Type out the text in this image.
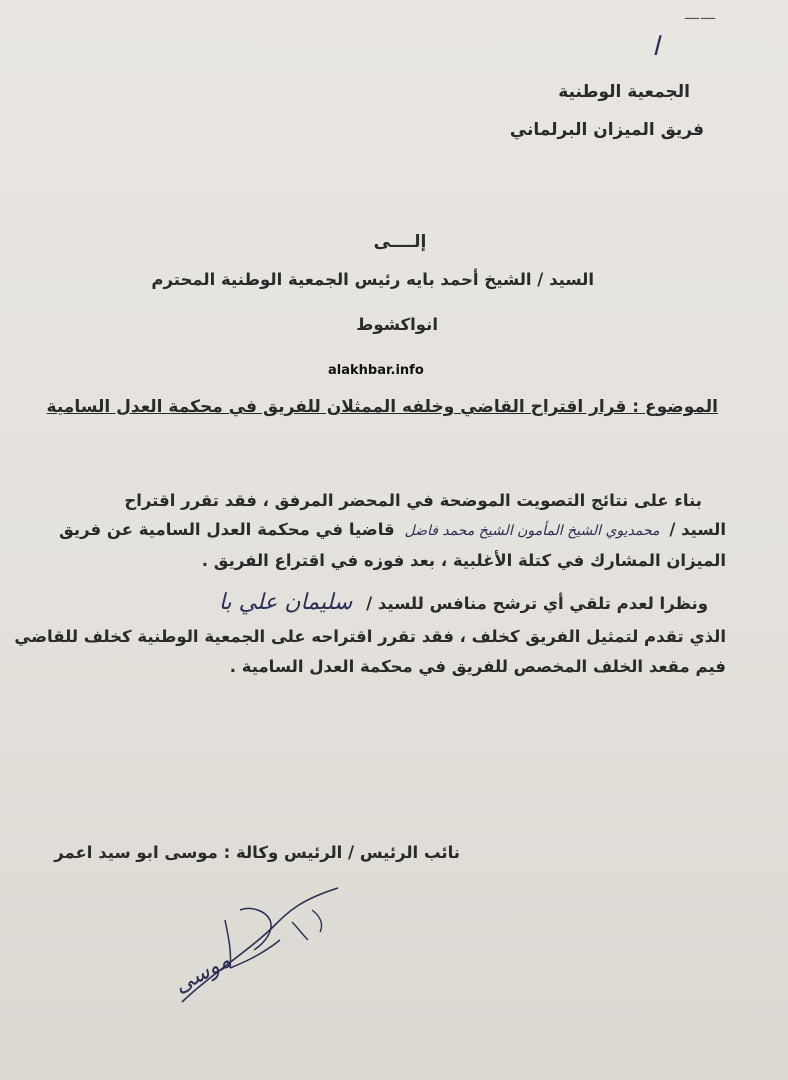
——
ا
الجمعية الوطنية
فريق الميزان البرلماني
إلــــى
السيد / الشيخ أحمد بايه رئيس الجمعية الوطنية المحترم
انواكشوط
alakhbar.info
الموضوع : قرار اقتراح القاضي وخلفه الممثلان للفريق في محكمة العدل السامية
بناء على نتائج التصويت الموضحة في المحضر المرفق ، فقد تقرر اقتراح
السيد / محمديوي الشيخ المأمون الشيخ محمد فاضل قاضيا في محكمة العدل السامية عن فريق
الميزان المشارك في كتلة الأغلبية ، بعد فوزه في اقتراع الفريق .
ونظرا لعدم تلقي أي ترشح منافس للسيد / سليمان علي با
الذي تقدم لتمثيل الفريق كخلف ، فقد تقرر اقتراحه على الجمعية الوطنية كخلف للقاضي
فيم مقعد الخلف المخصص للفريق في محكمة العدل السامية .
نائب الرئيس / الرئيس وكالة : موسى ابو سيد اعمر
موسى
